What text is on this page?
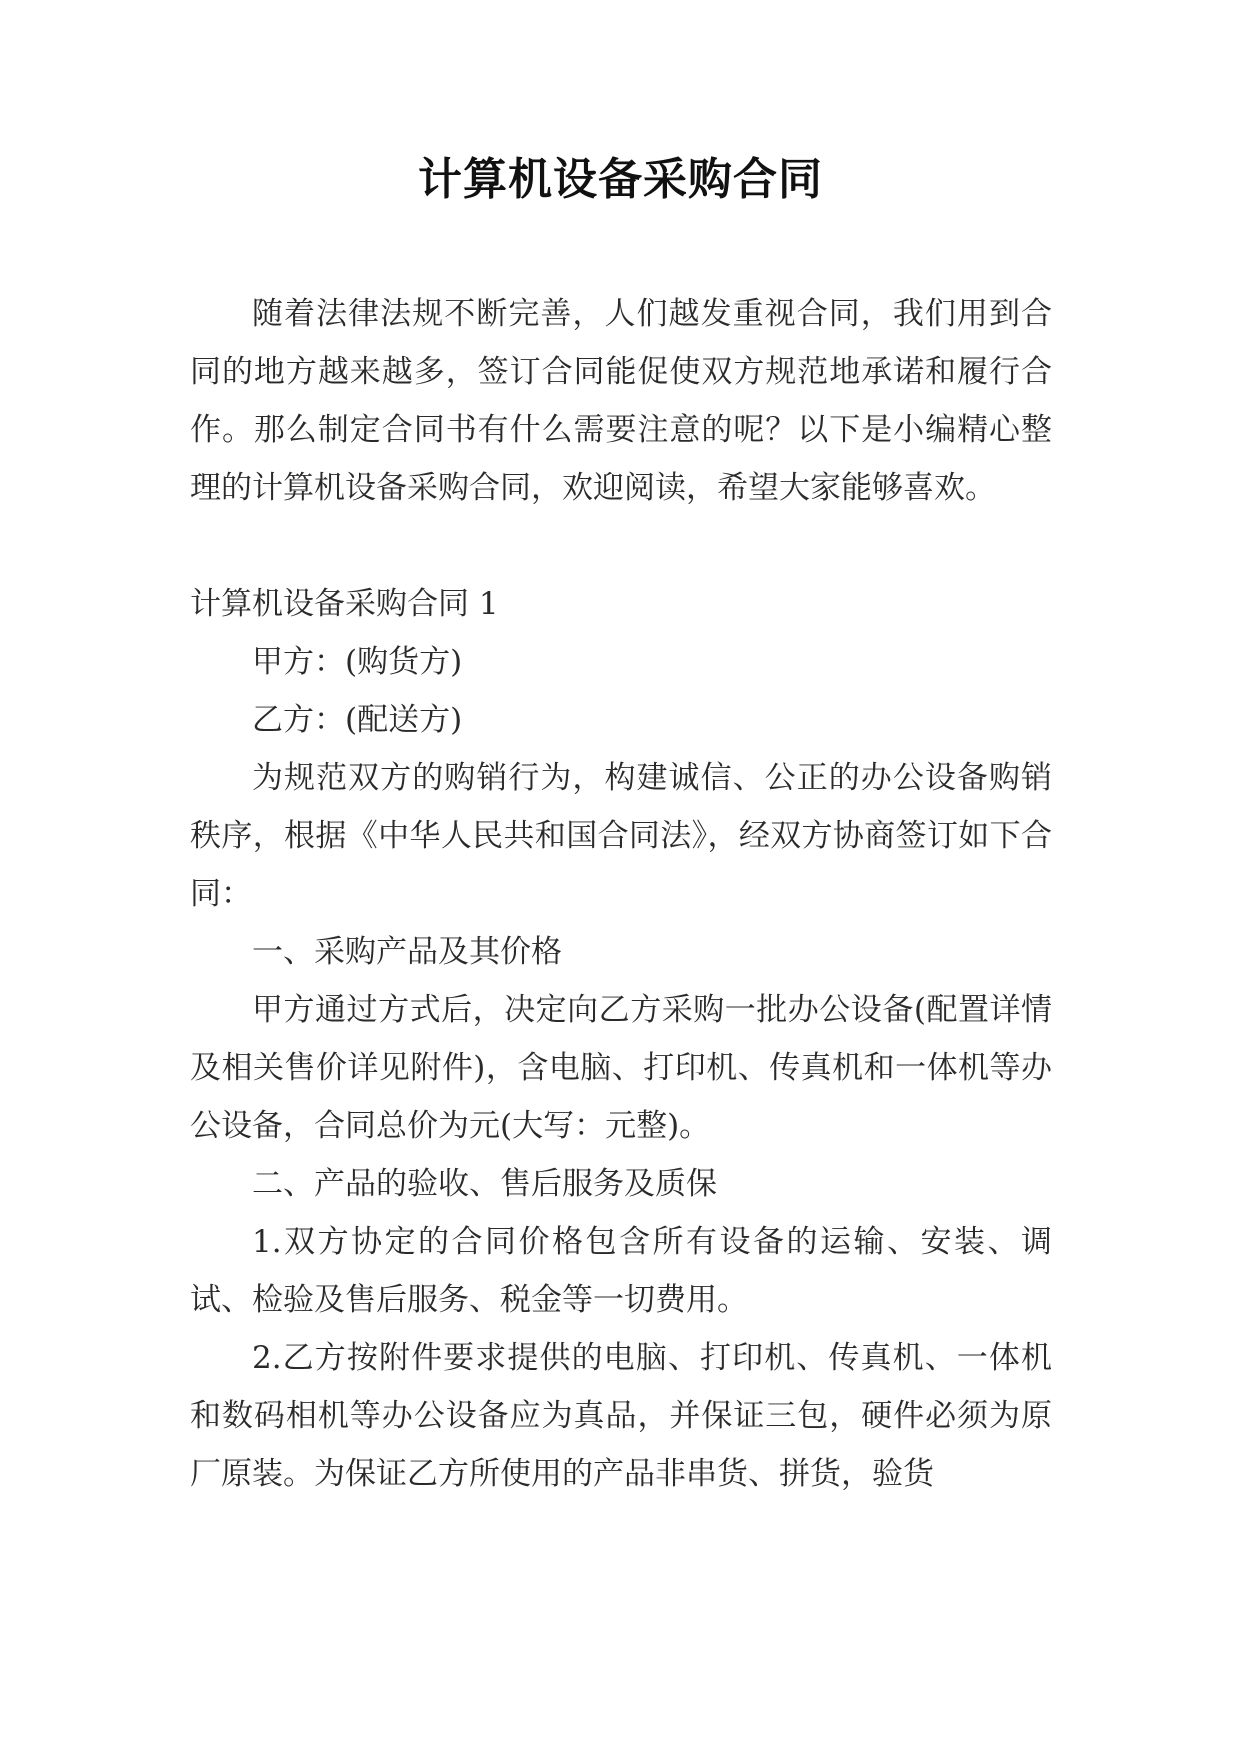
计算机设备采购合同

随着法律法规不断完善，人们越发重视合同，我们用到合同的地方越来越多，签订合同能促使双方规范地承诺和履行合作。那么制定合同书有什么需要注意的呢？以下是小编精心整理的计算机设备采购合同，欢迎阅读，希望大家能够喜欢。

计算机设备采购合同 1

甲方：(购货方)

乙方：(配送方)

为规范双方的购销行为，构建诚信、公正的办公设备购销秩序，根据《中华人民共和国合同法》，经双方协商签订如下合同：

一、采购产品及其价格

甲方通过方式后，决定向乙方采购一批办公设备(配置详情及相关售价详见附件)，含电脑、打印机、传真机和一体机等办公设备，合同总价为元(大写：元整)。

二、产品的验收、售后服务及质保

1.双方协定的合同价格包含所有设备的运输、安装、调试、检验及售后服务、税金等一切费用。

2.乙方按附件要求提供的电脑、打印机、传真机、一体机和数码相机等办公设备应为真品，并保证三包，硬件必须为原厂原装。为保证乙方所使用的产品非串货、拼货，验货
